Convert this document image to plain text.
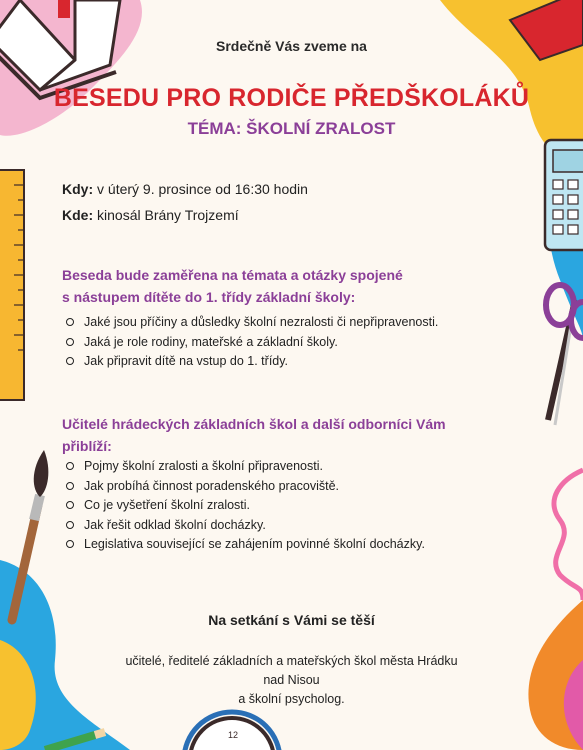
12
Srdečně Vás zveme na
BESEDU PRO RODIČE PŘEDŠKOLÁKŮ
TÉMA: ŠKOLNÍ ZRALOST
Kdy: v úterý 9. prosince od 16:30 hodin
Kde: kinosál Brány Trojzemí
Beseda bude zaměřena na témata a otázky spojené
s nástupem dítěte do 1. třídy základní školy:
Jaké jsou příčiny a důsledky školní nezralosti či nepřipravenosti.
Jaká je role rodiny, mateřské a základní školy.
Jak připravit dítě na vstup do 1. třídy.
Učitelé hrádeckých základních škol a další odborníci Vám
přiblíží:
Pojmy školní zralosti a školní připravenosti.
Jak probíhá činnost poradenského pracoviště.
Co je vyšetření školní zralosti.
Jak řešit odklad školní docházky.
Legislativa související se zahájením povinné školní docházky.
Na setkání s Vámi se těší
učitelé, ředitelé základních a mateřských škol města Hrádku nad Nisou
a školní psycholog.
